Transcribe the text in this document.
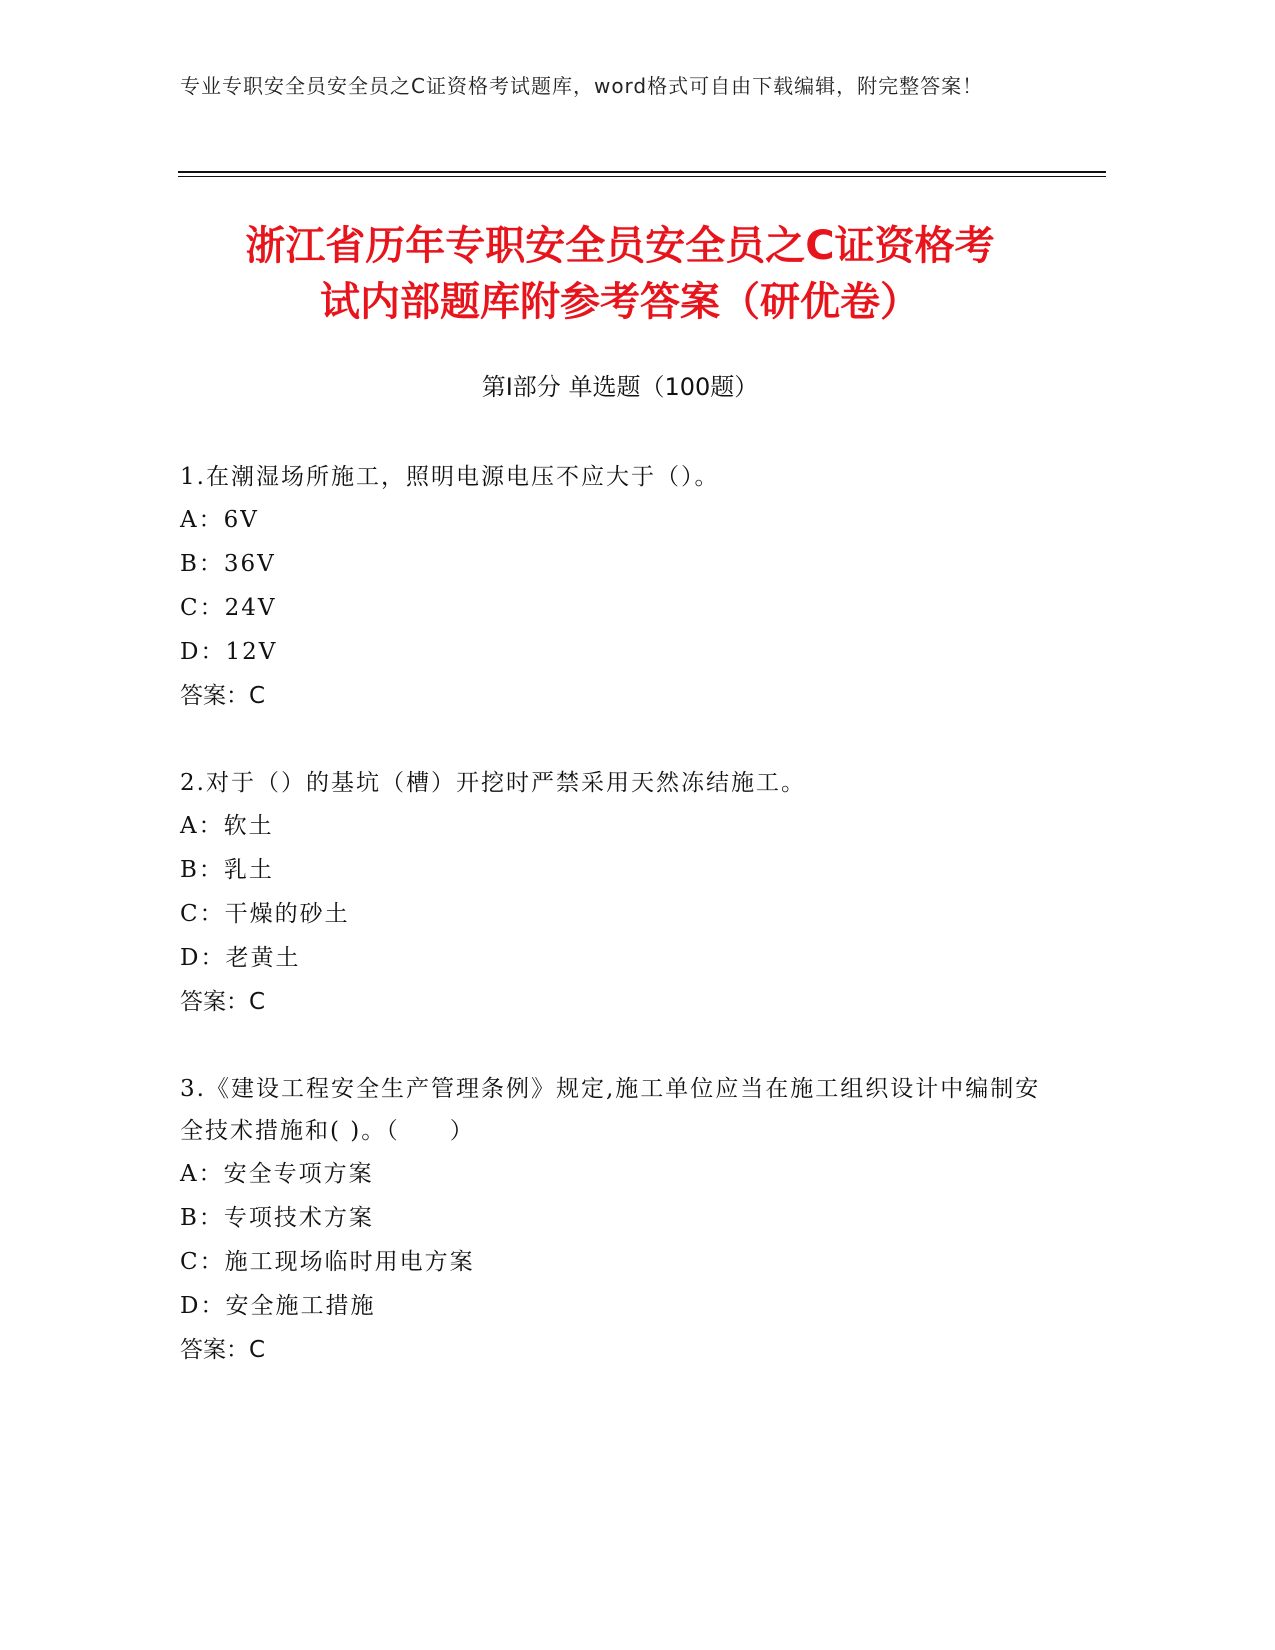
专业专职安全员安全员之C证资格考试题库，word格式可自由下载编辑，附完整答案！
浙江省历年专职安全员安全员之C证资格考
试内部题库附参考答案（研优卷）
第Ⅰ部分 单选题（100题）

1.在潮湿场所施工，照明电源电压不应大于（）。

A：6V

B：36V

C：24V

D：12V

答案：C

2.对于（）的基坑（槽）开挖时严禁采用天然冻结施工。

A：软土

B：乳土

C：干燥的砂土

D：老黄土

答案：C

3.《建设工程安全生产管理条例》规定,施工单位应当在施工组织设计中编制安全技术措施和( )。（　　）

A：安全专项方案

B：专项技术方案

C：施工现场临时用电方案

D：安全施工措施

答案：C
